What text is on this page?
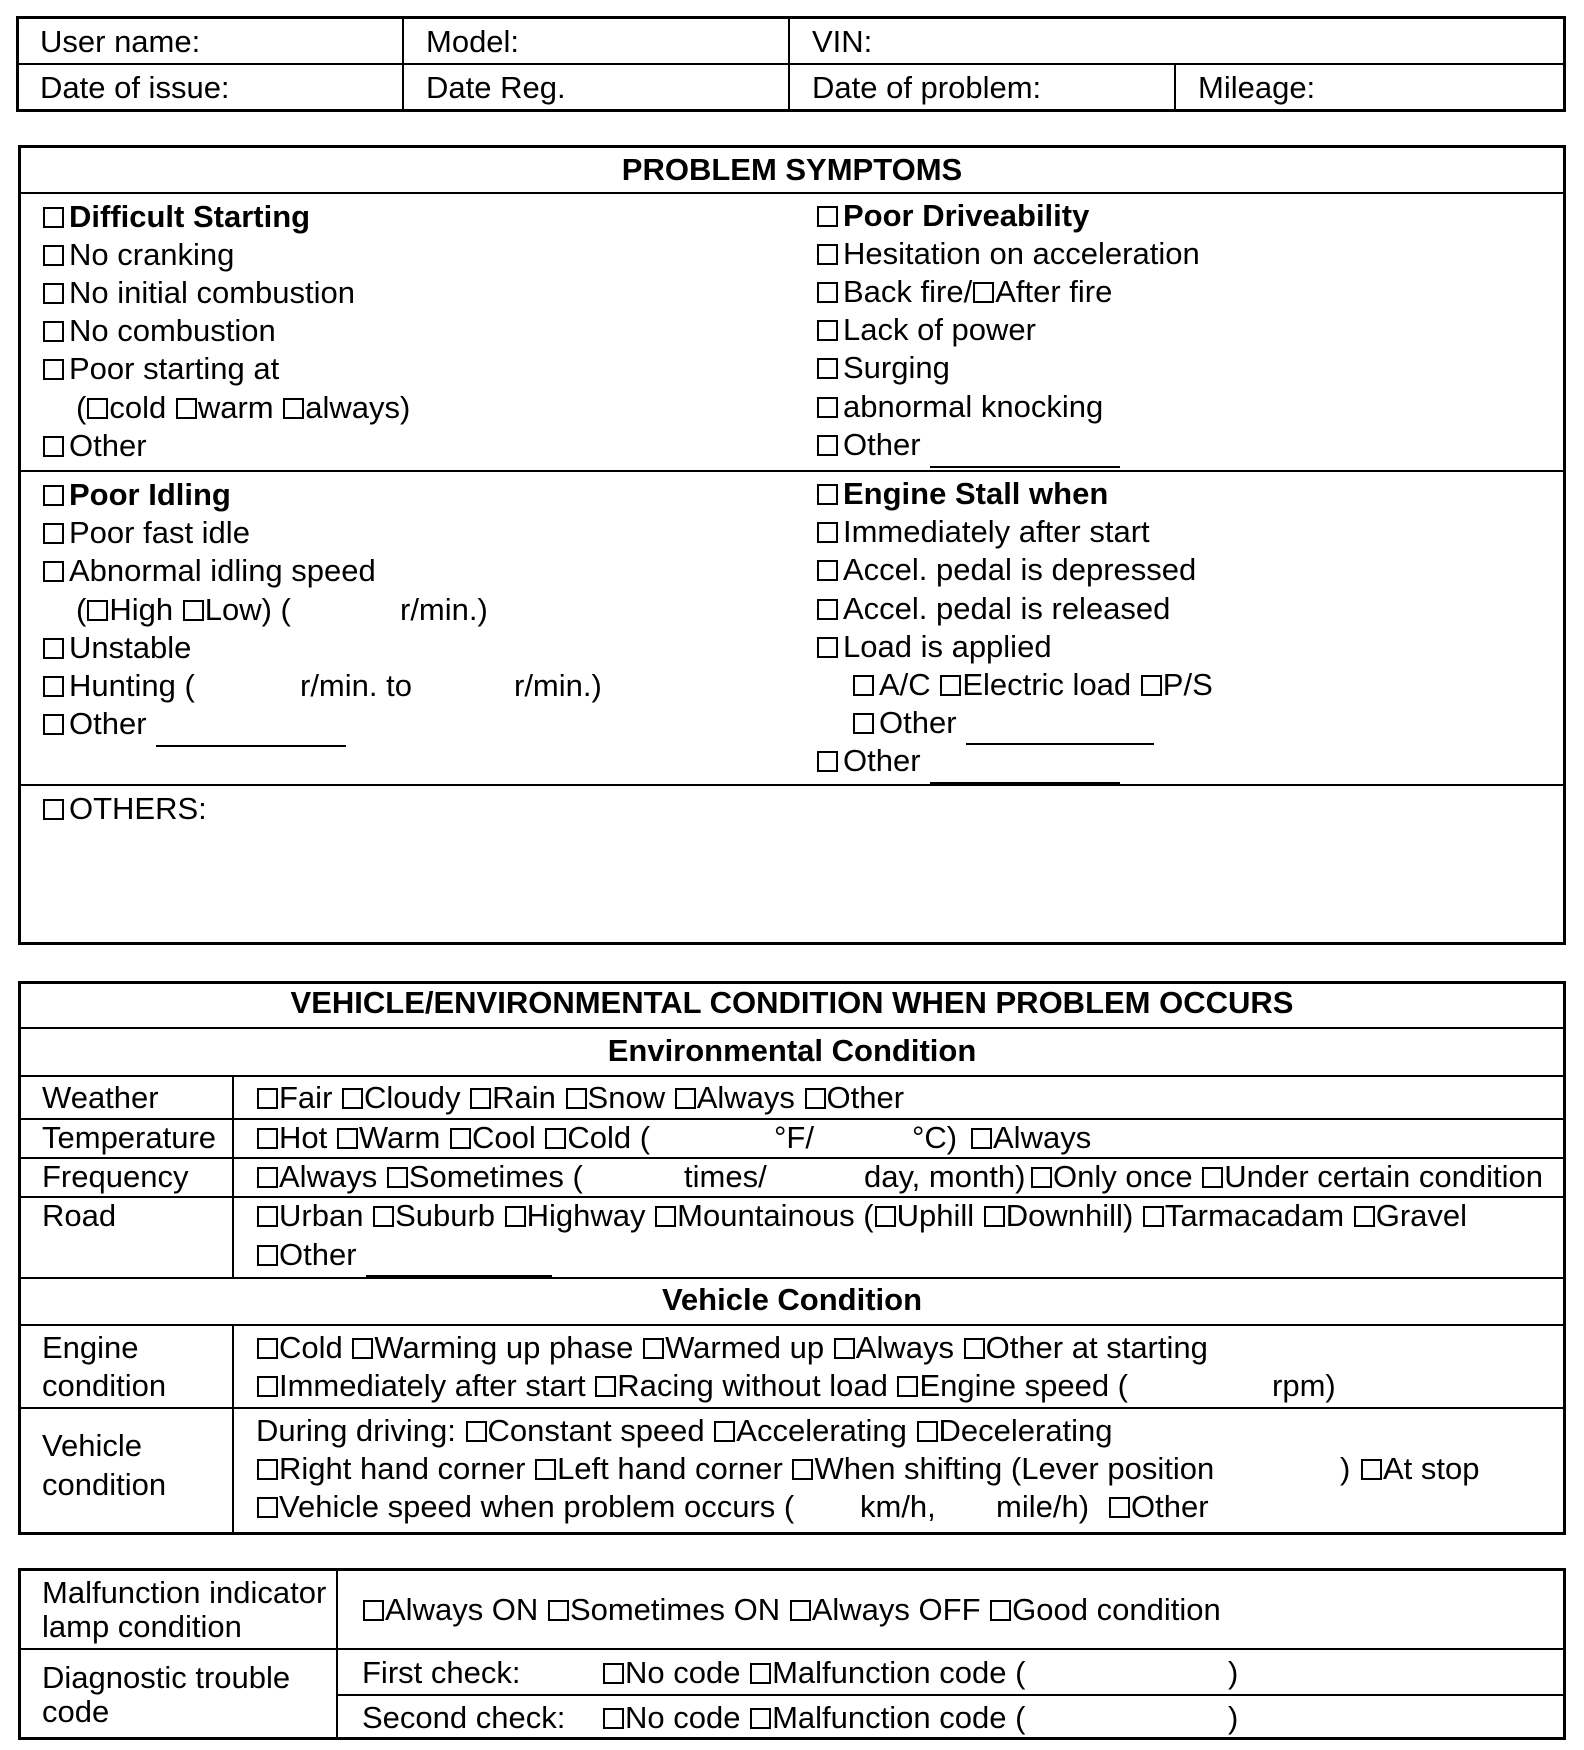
User name:	Model:	VIN:
Date of issue:	Date Reg.	Date of problem:	Mileage:
PROBLEM SYMPTOMS
Difficult Starting
No cranking
No initial combustion
No combustion
Poor starting at
( cold warm always)
Other
Poor Driveability
Hesitation on acceleration
Back fire/ After fire
Lack of power
Surging
abnormal knocking
Other
Poor Idling
Poor fast idle
Abnormal idling speed
( High Low) (	r/min.)
Unstable
Hunting (	r/min. to	r/min.)
Other
Engine Stall when
Immediately after start
Accel. pedal is depressed
Accel. pedal is released
Load is applied
A/C Electric load P/S
Other
Other
OTHERS:
VEHICLE/ENVIRONMENTAL CONDITION WHEN PROBLEM OCCURS
Environmental Condition
Weather	Fair Cloudy Rain Snow Always Other
Temperature	Hot Warm Cool Cold (	°F/	°C)	Always
Frequency	Always Sometimes (	times/	day, month) Only once Under certain condition
Road	Urban Suburb Highway Mountainous ( Uphill Downhill) Tarmacadam Gravel
Other
Vehicle Condition
Engine
condition
Cold Warming up phase Warmed up Always Other at starting
Immediately after start Racing without load Engine speed (	rpm)
Vehicle
condition
During driving: Constant speed Accelerating Decelerating
Right hand corner Left hand corner When shifting (Lever position	)	At stop
Vehicle speed when problem occurs ( km/h, mile/h)	Other
Malfunction indicator
lamp condition	Always ON Sometimes ON Always OFF Good condition
Diagnostic trouble
code
First check:	No code Malfunction code (	)
Second check:	No code Malfunction code (	)
